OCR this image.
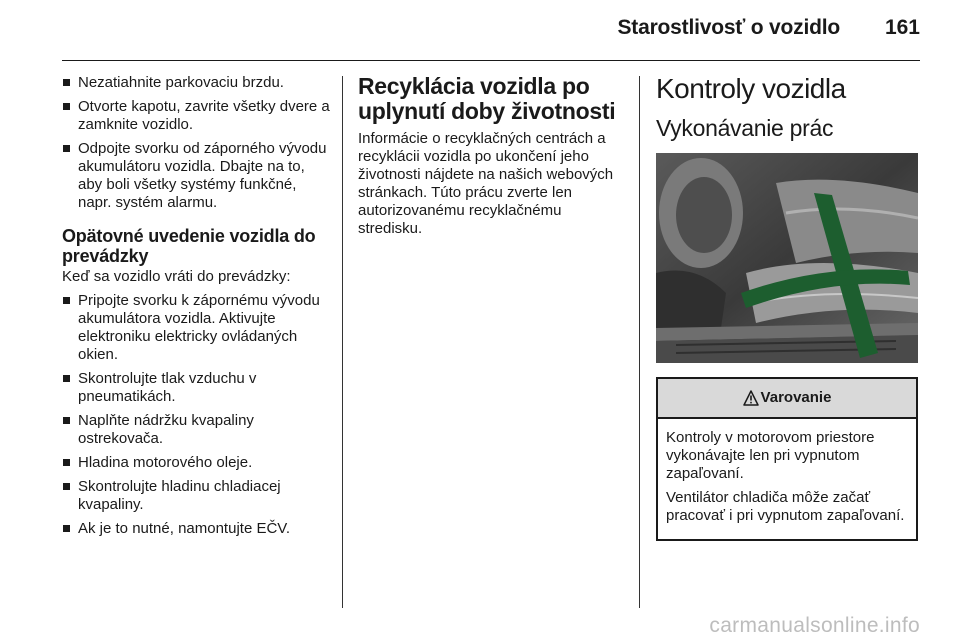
Starostlivosť o vozidlo 161
Nezatiahnite parkovaciu brzdu.
Otvorte kapotu, zavrite všetky dvere a zamknite vozidlo.
Odpojte svorku od záporného vývodu akumulátoru vozidla. Dbajte na to, aby boli všetky systémy funkčné, napr. systém alarmu.
Opätovné uvedenie vozidla do prevádzky

Keď sa vozidlo vráti do prevádzky:

Pripojte svorku k zápornému vývodu akumulátora vozidla. Aktivujte elektroniku elektricky ovládaných okien.
Skontrolujte tlak vzduchu v pneumatikách.
Naplňte nádržku kvapaliny ostrekovača.
Hladina motorového oleje.
Skontrolujte hladinu chladiacej kvapaliny.
Ak je to nutné, namontujte EČV.
Recyklácia vozidla po uplynutí doby životnosti

Informácie o recyklačných centrách a recyklácii vozidla po ukončení jeho životnosti nájdete na našich webových stránkach. Túto prácu zverte len autorizovanému recyklačnému stredisku.

Kontroly vozidla
Vykonávanie prác
Varovanie

Kontroly v motorovom priestore vykonávajte len pri vypnutom zapaľovaní.

Ventilátor chladiča môže začať pracovať i pri vypnutom zapaľovaní.

carmanualsonline.info
